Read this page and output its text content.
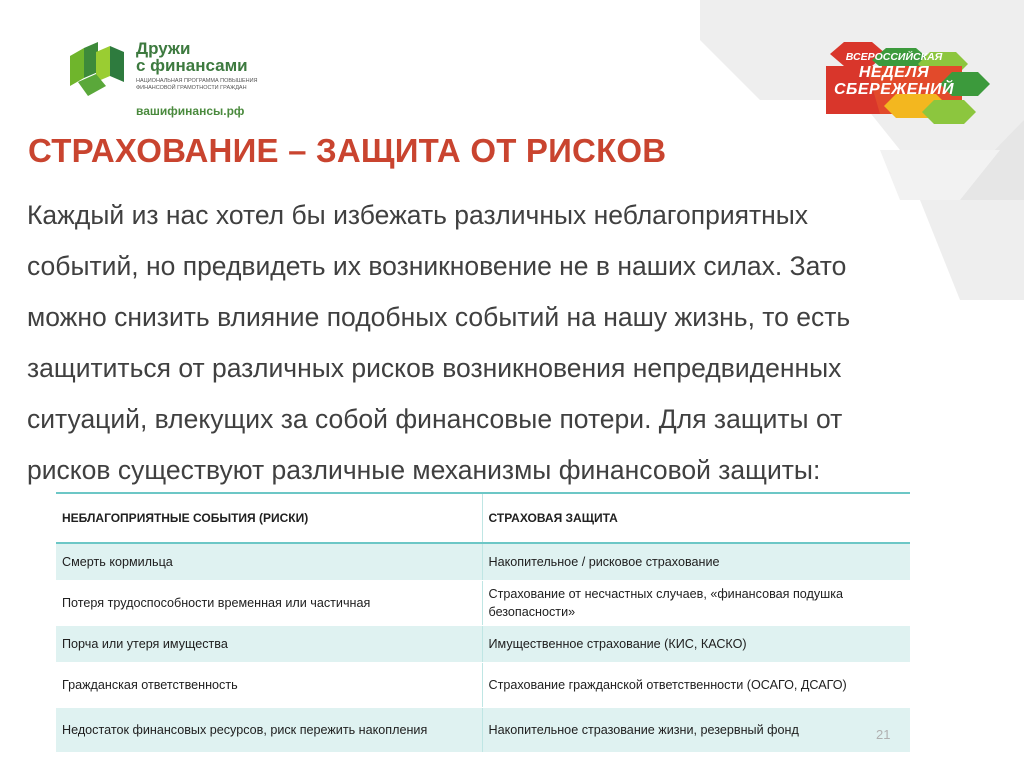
Дружи
с финансами
НАЦИОНАЛЬНАЯ ПРОГРАММА ПОВЫШЕНИЯ
ФИНАНСОВОЙ ГРАМОТНОСТИ ГРАЖДАН
вашифинансы.рф
ВСЕРОССИЙСКАЯ
НЕДЕЛЯ
СБЕРЕЖЕНИЙ
СТРАХОВАНИЕ – ЗАЩИТА ОТ РИСКОВ

Каждый из нас хотел бы избежать различных неблагоприятных
событий, но предвидеть их возникновение не в наших силах. Зато
можно снизить влияние подобных событий на нашу жизнь, то есть
защититься от различных рисков возникновения непредвиденных
ситуаций, влекущих за собой финансовые потери. Для защиты от
рисков существуют различные механизмы финансовой защиты:

НЕБЛАГОПРИЯТНЫЕ СОБЫТИЯ (РИСКИ)	СТРАХОВАЯ ЗАЩИТА
Смерть кормильца	Накопительное / рисковое страхование
Потеря трудоспособности временная или частичная	Страхование от несчастных случаев, «финансовая подушка безопасности»
Порча или утеря имущества	Имущественное страхование (КИС, КАСКО)
Гражданская ответственность	Страхование гражданской ответственности (ОСАГО, ДСАГО)
Недостаток финансовых ресурсов, риск пережить накопления	Накопительное стразование жизни, резервный фонд	21
